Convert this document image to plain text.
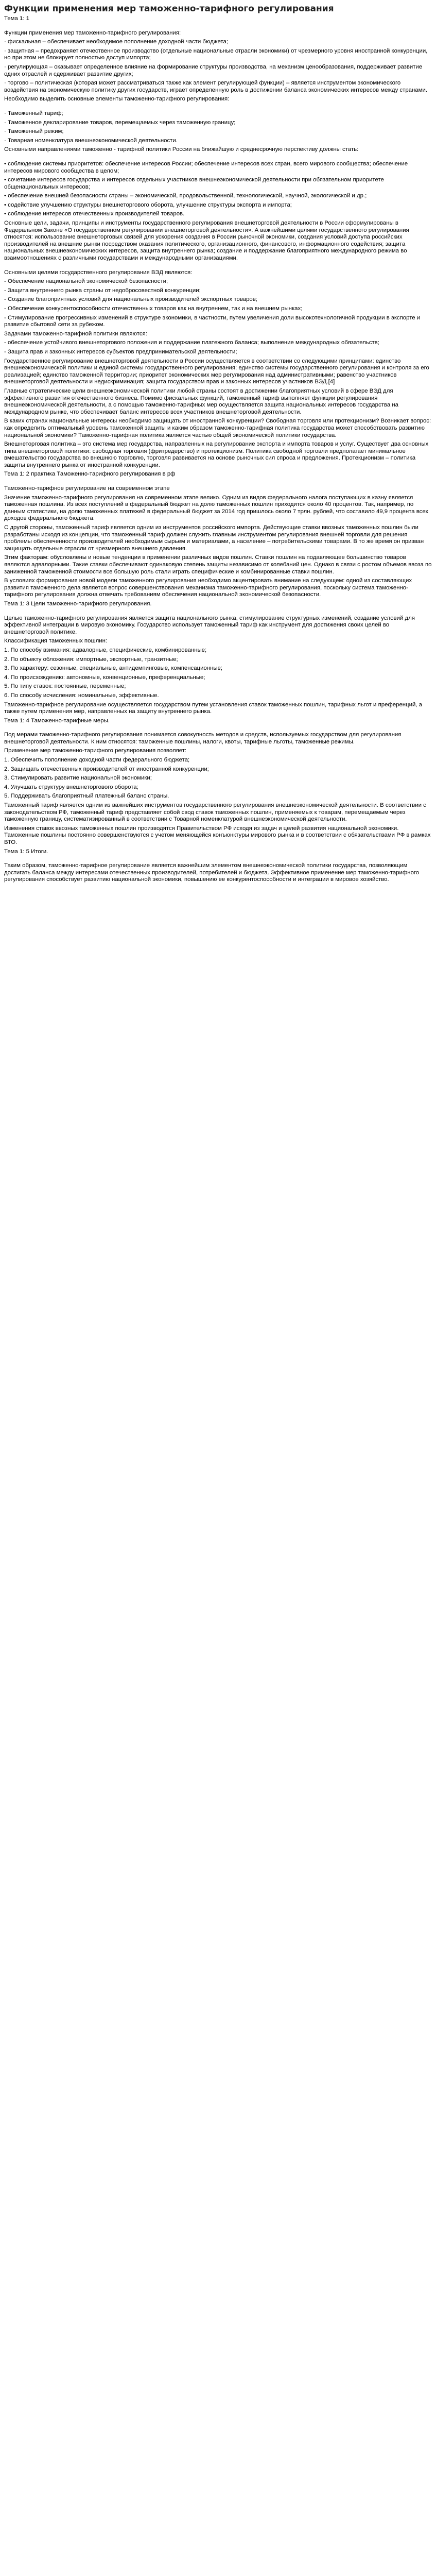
Функции применения мер таможенно-тарифного регулирования

Тема 1: 1

Функции применения мер таможенно-тарифного регулирования:

· фискальная – обеспечивает необходимое пополнение доходной части бюджета;

· защитная – предохраняет отечественное производство (отдельные национальные отрасли экономики) от чрезмерного уровня иностранной конкуренции, но при этом не блокирует полностью доступ импорта;

· регулирующая – оказывает определенное влияние на формирование структуры производства, на механизм ценообразования, поддерживает развитие одних отраслей и сдерживает развитие других;

· торгово – политическая (которая может рассматриваться также как элемент регулирующей функции) – является инструментом экономического воздействия на экономическую политику других государств, играет определенную роль в достижении баланса экономических интересов между странами.

Необходимо выделить основные элементы таможенно-тарифного регулирования:

· Таможенный тариф;

· Таможенное декларирование товаров, перемещаемых через таможенную границу;

· Таможенный режим;

· Товарная номенклатура внешнеэкономической деятельности.

Основными направлениями таможенно - тарифной политики России на ближайшую и среднесрочную перспективу должны стать:

• соблюдение системы приоритетов: обеспечение интересов России; обеспечение интересов всех стран, всего мирового сообщества; обеспечение интересов мирового сообщества в целом;

• сочетание интересов государства и интересов отдельных участников внешнеэкономической деятельности при обязательном приоритете общенациональных интересов;

• обеспечение внешней безопасности страны – экономической, продовольственной, технологической, научной, экологической и др.;

• содействие улучшению структуры внешнеторгового оборота, улучшение структуры экспорта и импорта;

• соблюдение интересов отечественных производителей товаров.

Основные цели, задачи, принципы и инструменты государственного регулирования внешнеторговой деятельности в России сформулированы в Федеральном Законе «О государственном регулировании внешнеторговой деятельности». А важнейшими целями государственного регулирования относятся: использование внешнеторговых связей для ускорения создания в России рыночной экономики, создания условий доступа российских производителей на внешние рынки посредством оказания политического, организационного, финансового, информационного содействия; защита национальных внешнеэкономических интересов, защита внутреннего рынка; создание и поддержание благоприятного международного режима во взаимоотношениях с различными государствами и международными организациями.

Основными целями государственного регулирования ВЭД являются:

- Обеспечение национальной экономической безопасности;

- Защита внутреннего рынка страны от недобросовестной конкуренции;

- Создание благоприятных условий для национальных производителей экспортных товаров;

- Обеспечение конкурентоспособности отечественных товаров как на внутреннем, так и на внешнем рынках;

- Стимулирование прогрессивных изменений в структуре экономики, в частности, путем увеличения доли высокотехнологичной продукции в экспорте и развитие сбытовой сети за рубежом.

Задачами таможенно-тарифной политики являются:

- обеспечение устойчивого внешнеторгового положения и поддержание платежного баланса; выполнение международных обязательств;

- Защита прав и законных интересов субъектов предпринимательской деятельности;

Государственное регулирование внешнеторговой деятельности в России осуществляется в соответствии со следующими принципами: единство внешнеэкономической политики и единой системы государственного регулирования; единство системы государственного регулирования и контроля за его реализацией; единство таможенной территории; приоритет экономических мер регулирования над административными; равенство участников внешнеторговой деятельности и недискриминация; защита государством прав и законных интересов участников ВЭД.[4]

Главные стратегические цели внешнеэкономической политики любой страны состоят в достижении благоприятных условий в сфере ВЭД для эффективного развития отечественного бизнеса. Помимо фискальных функций, таможенный тариф выполняет функции регулирования внешнеэкономической деятельности, а с помощью таможенно-тарифных мер осуществляется защита национальных интересов государства на международном рынке, что обеспечивает баланс интересов всех участников внешнеторговой деятельности.

В каких странах национальные интересы необходимо защищать от иностранной конкуренции? Свободная торговля или протекционизм? Возникает вопрос: как определить оптимальный уровень таможенной защиты и каким образом таможенно-тарифная политика государства может способствовать развитию национальной экономики? Таможенно-тарифная политика является частью общей экономической политики государства.

Внешнеторговая политика – это система мер государства, направленных на регулирование экспорта и импорта товаров и услуг. Существует два основных типа внешнеторговой политики: свободная торговля (фритредерство) и протекционизм. Политика свободной торговли предполагает минимальное вмешательство государства во внешнюю торговлю, торговля развивается на основе рыночных сил спроса и предложения. Протекционизм – политика защиты внутреннего рынка от иностранной конкуренции.

Тема 1: 2 практика Таможенно-тарифного регулирования в рф

Таможенно-тарифное регулирование на современном этапе

Значение таможенно-тарифного регулирования на современном этапе велико. Одним из видов федерального налога поступающих в казну является таможенная пошлина. Из всех поступлений в федеральный бюджет на долю таможенных пошлин приходится около 40 процентов. Так, например, по данным статистики, на долю таможенных платежей в федеральный бюджет за 2014 год пришлось около 7 трлн. рублей, что составило 49,9 процента всех доходов федерального бюджета.

С другой стороны, таможенный тариф является одним из инструментов российского импорта. Действующие ставки ввозных таможенных пошлин были разработаны исходя из концепции, что таможенный тариф должен служить главным инструментом регулирования внешней торговли для решения проблемы обеспеченности производителей необходимым сырьем и материалами, а население – потребительскими товарами. В то же время он призван защищать отдельные отрасли от чрезмерного внешнего давления.

Этим факторам: обусловлены и новые тенденции в применении различных видов пошлин. Ставки пошлин на подавляющее большинство товаров являются адвалорными. Такие ставки обеспечивают одинаковую степень защиты независимо от колебаний цен. Однако в связи с ростом объемов ввоза по заниженной таможенной стоимости все большую роль стали играть специфические и комбинированные ставки пошлин.

В условиях формирования новой модели таможенного регулирования необходимо акцентировать внимание на следующем: одной из составляющих развития таможенного дела является вопрос совершенствования механизма таможенно-тарифного регулирования, поскольку система таможенно-тарифного регулирования должна отвечать требованиям обеспечения национальной экономической безопасности.

Тема 1: 3 Цели таможенно-тарифного регулирования.

Целью таможенно-тарифного регулирования является защита национального рынка, стимулирование структурных изменений, создание условий для эффективной интеграции в мировую экономику. Государство использует таможенный тариф как инструмент для достижения своих целей во внешнеторговой политике.

Классификация таможенных пошлин:

1. По способу взимания: адвалорные, специфические, комбинированные;

2. По объекту обложения: импортные, экспортные, транзитные;

3. По характеру: сезонные, специальные, антидемпинговые, компенсационные;

4. По происхождению: автономные, конвенционные, преференциальные;

5. По типу ставок: постоянные, переменные;

6. По способу исчисления: номинальные, эффективные.

Таможенно-тарифное регулирование осуществляется государством путем установления ставок таможенных пошлин, тарифных льгот и преференций, а также путем применения мер, направленных на защиту внутреннего рынка.

Тема 1: 4 Таможенно-тарифные меры.

Под мерами таможенно-тарифного регулирования понимается совокупность методов и средств, используемых государством для регулирования внешнеторговой деятельности. К ним относятся: таможенные пошлины, налоги, квоты, тарифные льготы, таможенные режимы.

Применение мер таможенно-тарифного регулирования позволяет:

1. Обеспечить пополнение доходной части федерального бюджета;

2. Защищать отечественных производителей от иностранной конкуренции;

3. Стимулировать развитие национальной экономики;

4. Улучшать структуру внешнеторгового оборота;

5. Поддерживать благоприятный платежный баланс страны.

Таможенный тариф является одним из важнейших инструментов государственного регулирования внешнеэкономической деятельности. В соответствии с законодательством РФ, таможенный тариф представляет собой свод ставок таможенных пошлин, применяемых к товарам, перемещаемым через таможенную границу, систематизированный в соответствии с Товарной номенклатурой внешнеэкономической деятельности.

Изменения ставок ввозных таможенных пошлин производятся Правительством РФ исходя из задач и целей развития национальной экономики. Таможенные пошлины постоянно совершенствуются с учетом меняющейся конъюнктуры мирового рынка и в соответствии с обязательствами РФ в рамках ВТО.

Тема 1: 5 Итоги.

Таким образом, таможенно-тарифное регулирование является важнейшим элементом внешнеэкономической политики государства, позволяющим достигать баланса между интересами отечественных производителей, потребителей и бюджета. Эффективное применение мер таможенно-тарифного регулирования способствует развитию национальной экономики, повышению ее конкурентоспособности и интеграции в мировое хозяйство.
